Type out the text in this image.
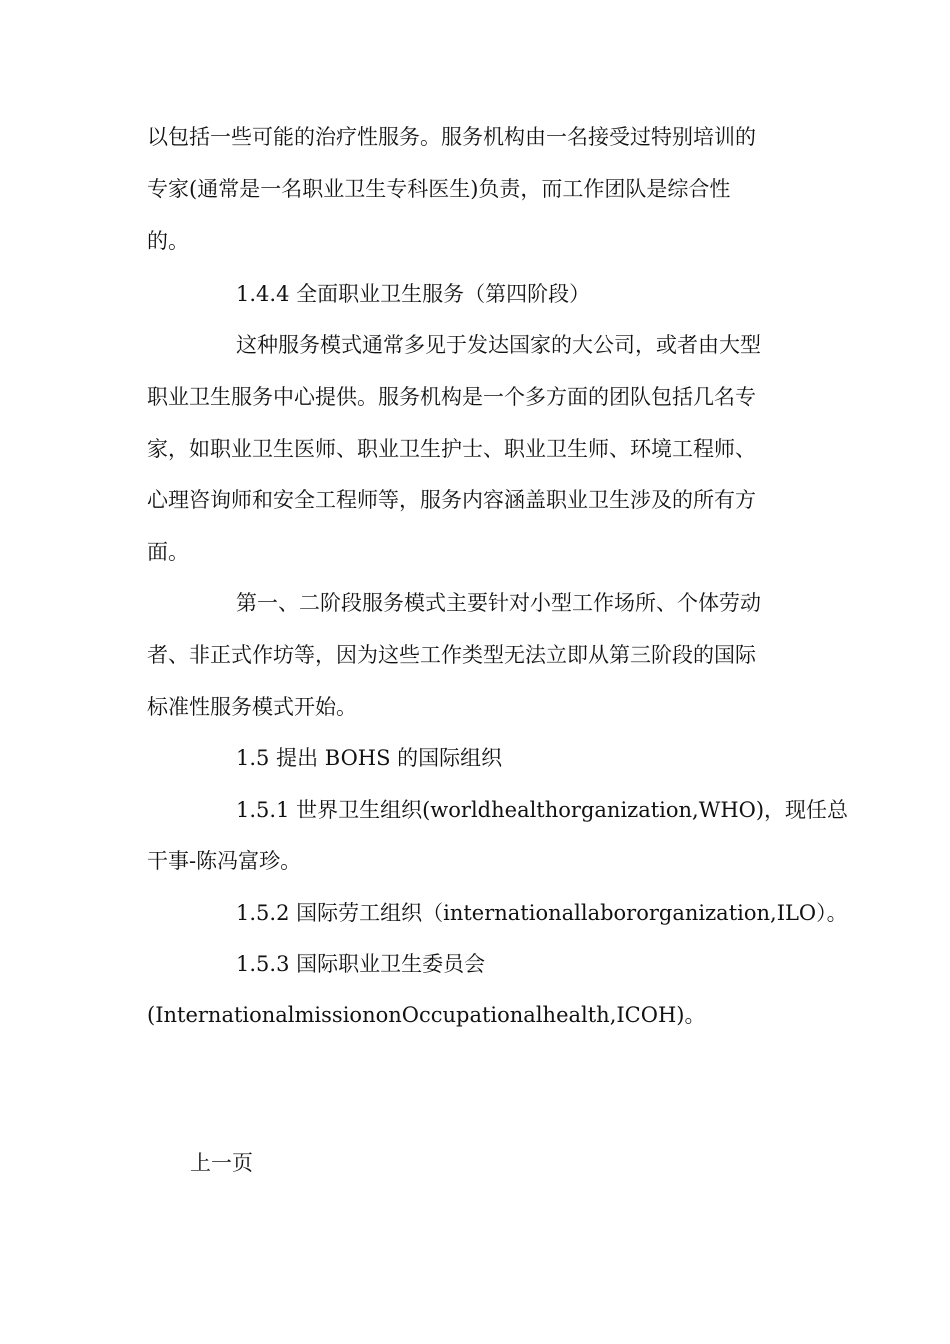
以包括一些可能的治疗性服务。服务机构由一名接受过特别培训的
专家(通常是一名职业卫生专科医生)负责，而工作团队是综合性
的。
1.4.4 全面职业卫生服务（第四阶段）
这种服务模式通常多见于发达国家的大公司，或者由大型
职业卫生服务中心提供。服务机构是一个多方面的团队包括几名专
家，如职业卫生医师、职业卫生护士、职业卫生师、环境工程师、
心理咨询师和安全工程师等，服务内容涵盖职业卫生涉及的所有方
面。
第一、二阶段服务模式主要针对小型工作场所、个体劳动
者、非正式作坊等，因为这些工作类型无法立即从第三阶段的国际
标准性服务模式开始。
1.5 提出 BOHS 的国际组织
1.5.1 世界卫生组织(worldhealthorganization,WHO)，现任总
干事-陈冯富珍。
1.5.2 国际劳工组织（internationallabororganization,ILO）。
1.5.3 国际职业卫生委员会
(InternationalmissiononOccupationalhealth,ICOH)。
上一页
